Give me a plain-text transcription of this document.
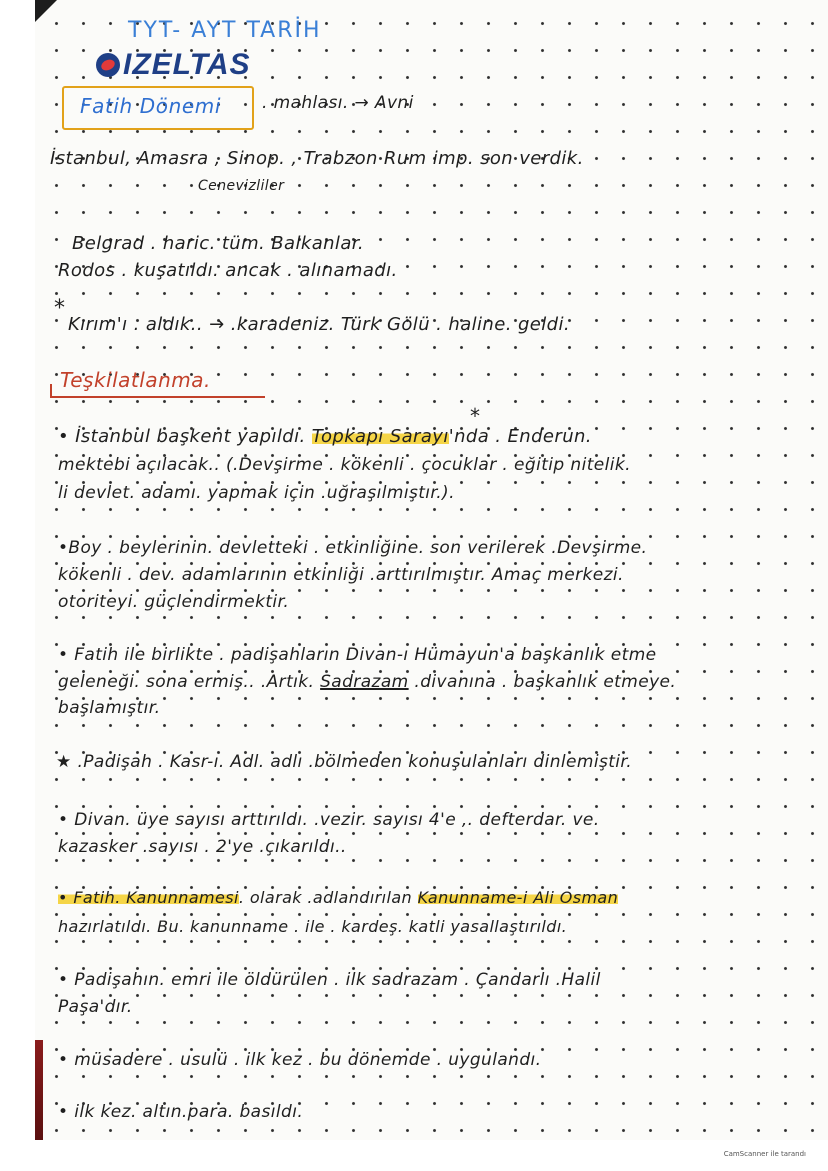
TYT- AYT TARİH
IZELTAS
Fatih Dönemi . mahlası. → Avni
İstanbul, Amasra , Sinop. , Trabzon Rum imp. son verdik.
Cenevizliler
Belgrad . haric. tüm. Balkanlar.
Rodos . kuşatıldı. ancak . alınamadı.
*
Kırım'ı . aldık.. → .karadeniz. Türk Gölü . haline. geldi.
Teşkilatlanma.
*
• İstanbul başkent yapıldı. Topkapı Sarayı'nda . Enderun.
mektebi açılacak.. (.Devşirme . kökenli . çocuklar . eğitip nitelik.
li devlet. adamı. yapmak için .uğraşılmıştır.).
•Boy . beylerinin. devletteki . etkinliğine. son verilerek .Devşirme.
kökenli . dev. adamlarının etkinliği .arttırılmıştır. Amaç merkezi.
otoriteyi. güçlendirmektir.
• Fatih ile birlikte . padişahların Divan-ı Hümayun'a başkanlık etme
geleneği. sona ermiş.. .Artık. Sadrazam .divanına . başkanlık etmeye.
başlamıştır.
★ .Padişah . Kasr-ı. Adl. adlı .bölmeden konuşulanları dinlemiştir.
• Divan. üye sayısı arttırıldı. .vezir. sayısı 4'e ,. defterdar. ve.
kazasker .sayısı . 2'ye .çıkarıldı..
• Fatih. Kanunnamesi. olarak .adlandırılan Kanunname-i Ali Osman
hazırlatıldı. Bu. kanunname . ile . kardeş. katli yasallaştırıldı.
• Padişahın. emri ile öldürülen . ilk sadrazam . Çandarlı .Halil
Paşa'dır.
• müsadere . usulü . ilk kez . bu dönemde . uygulandı.
• ilk kez. altın.para. basıldı.
CamScanner ile tarandı
